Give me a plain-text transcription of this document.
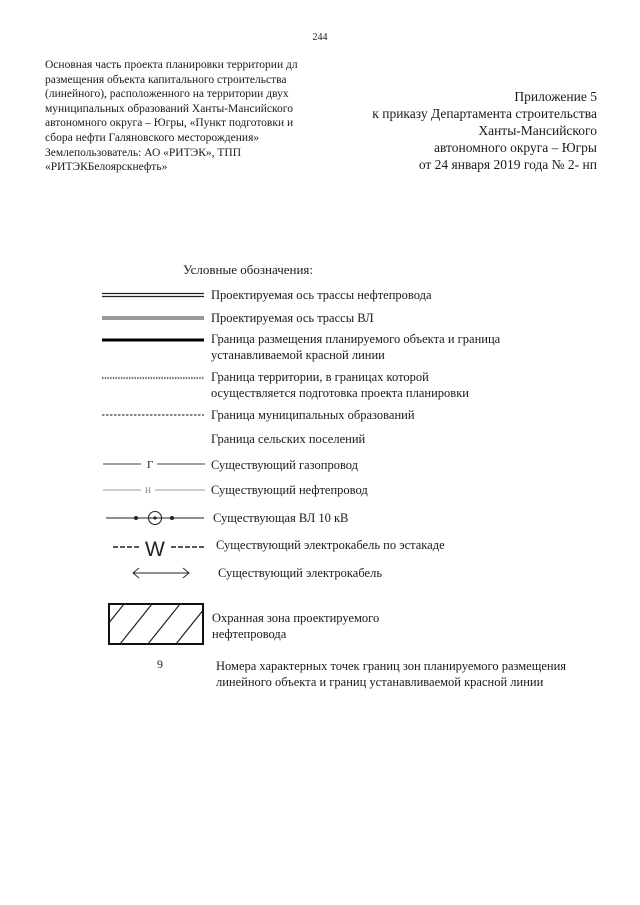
244
Основная часть проекта планировки территории дл
размещения объекта капитального строительства
(линейного), расположенного на территории двух
муниципальных образований Ханты-Мансийского
автономного округа – Югры, «Пункт подготовки и
сбора нефти Галяновского месторождения»
Землепользователь: АО «РИТЭК», ТПП
«РИТЭКБелоярскнефть»
Приложение 5
к приказу Департамента строительства
Ханты-Мансийского
автономного округа – Югры
от 24 января 2019 года № 2- нп
Условные обозначения:
Проектируемая ось трассы нефтепровода
Проектируемая ось трассы ВЛ
Граница размещения планируемого объекта и граница
устанавливаемой красной линии
Граница территории, в границах которой
осуществляется подготовка проекта планировки
Граница муниципальных образований
Граница сельских поселений
Г	Существующий газопровод
Н	Существующий нефтепровод
Существующая ВЛ 10 кВ
W	Существующий электрокабель по эстакаде
Существующий электрокабель
Охранная зона проектируемого
нефтепровода
9	Номера характерных точек границ зон планируемого размещения
линейного объекта и границ устанавливаемой красной линии
